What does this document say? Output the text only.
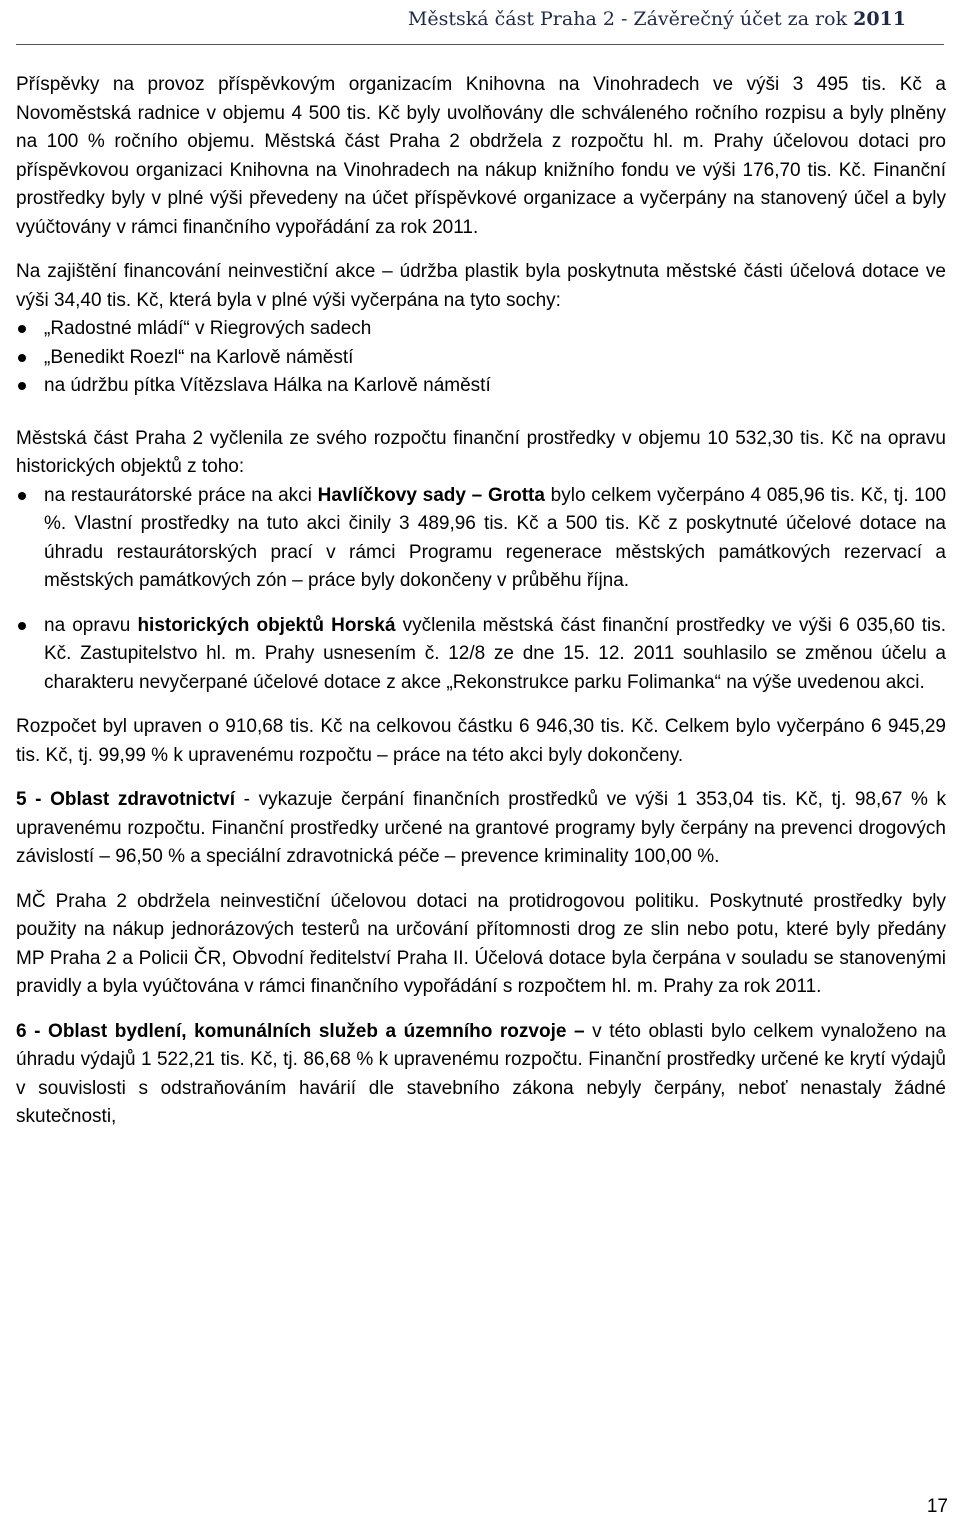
Městská část Praha 2 - Závěrečný účet za rok 2011

Příspěvky na provoz příspěvkovým organizacím Knihovna na Vinohradech ve výši 3 495 tis. Kč a Novoměstská radnice v objemu 4 500 tis. Kč byly uvolňovány dle schváleného ročního rozpisu a byly plněny na 100 % ročního objemu. Městská část Praha 2 obdržela z rozpočtu hl. m. Prahy účelovou dotaci pro příspěvkovou organizaci Knihovna na Vinohradech na nákup knižního fondu ve výši 176,70 tis. Kč. Finanční prostředky byly v plné výši převedeny na účet příspěvkové organizace a vyčerpány na stanovený účel a byly vyúčtovány v rámci finančního vypořádání za rok 2011.

Na zajištění financování neinvestiční akce – údržba plastik byla poskytnuta městské části účelová dotace ve výši 34,40 tis. Kč, která byla v plné výši vyčerpána na tyto sochy:

„Radostné mládí“ v Riegrových sadech
„Benedikt Roezl“ na Karlově náměstí
na údržbu pítka Vítězslava Hálka na Karlově náměstí

Městská část Praha 2 vyčlenila ze svého rozpočtu finanční prostředky v objemu 10 532,30 tis. Kč na opravu historických objektů z toho:

na restaurátorské práce na akci Havlíčkovy sady – Grotta bylo celkem vyčerpáno 4 085,96 tis. Kč, tj. 100 %. Vlastní prostředky na tuto akci činily 3 489,96 tis. Kč a 500 tis. Kč z poskytnuté účelové dotace na úhradu restaurátorských prací v rámci Programu regenerace městských památkových rezervací a městských památkových zón – práce byly dokončeny v průběhu října.
na opravu historických objektů Horská vyčlenila městská část finanční prostředky ve výši 6 035,60 tis. Kč. Zastupitelstvo hl. m. Prahy usnesením č. 12/8 ze dne 15. 12. 2011 souhlasilo se změnou účelu a charakteru nevyčerpané účelové dotace z akce „Rekonstrukce parku Folimanka“ na výše uvedenou akci.

Rozpočet byl upraven o 910,68 tis. Kč na celkovou částku 6 946,30 tis. Kč. Celkem bylo vyčerpáno 6 945,29 tis. Kč, tj. 99,99 % k upravenému rozpočtu – práce na této akci byly dokončeny.

5 - Oblast zdravotnictví - vykazuje čerpání finančních prostředků ve výši 1 353,04 tis. Kč, tj. 98,67 % k upravenému rozpočtu. Finanční prostředky určené na grantové programy byly čerpány na prevenci drogových závislostí – 96,50 % a speciální zdravotnická péče – prevence kriminality 100,00 %.

MČ Praha 2 obdržela neinvestiční účelovou dotaci na protidrogovou politiku. Poskytnuté prostředky byly použity na nákup jednorázových testerů na určování přítomnosti drog ze slin nebo potu, které byly předány MP Praha 2 a Policii ČR, Obvodní ředitelství Praha II. Účelová dotace byla čerpána v souladu se stanovenými pravidly a byla vyúčtována v rámci finančního vypořádání s rozpočtem hl. m. Prahy za rok 2011.

6 - Oblast bydlení, komunálních služeb a územního rozvoje – v této oblasti bylo celkem vynaloženo na úhradu výdajů 1 522,21 tis. Kč, tj. 86,68 % k upravenému rozpočtu. Finanční prostředky určené ke krytí výdajů v souvislosti s odstraňováním havárií dle stavebního zákona nebyly čerpány, neboť nenastaly žádné skutečnosti,

17
